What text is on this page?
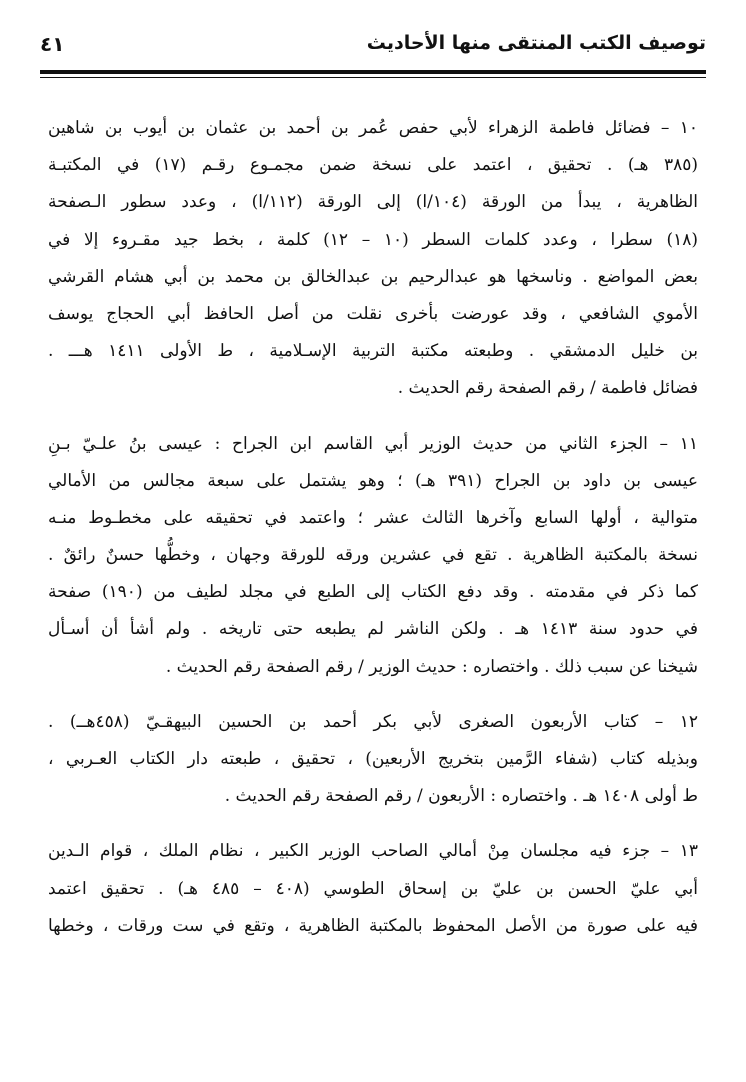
توصيف الكتب المنتقى منها الأحاديث
٤١
١٠ – فضائل فاطمة الزهراء لأبي حفص عُمر بن أحمد بن عثمان بن أيوب بن شاهين
(٣٨٥ هـ) . تحقيق ، اعتمد على نسخة ضمن مجمـوع رقـم (١٧) في المكتبـة
الظاهرية ، يبدأ من الورقة (١٠٤/ا) إلى الورقة (١١٢/ا) ، وعدد سطور الـصفحة
(١٨) سطرا ، وعدد كلمات السطر (١٠ – ١٢) كلمة ، بخط جيد مقـروء إلا في
بعض المواضع . وناسخها هو عبدالرحيم بن عبدالخالق بن محمد بن أبي هشام القرشي
الأموي الشافعي ، وقد عورضت بأخرى نقلت من أصل الحافظ أبي الحجاج يوسف
بن خليل الدمشقي . وطبعته مكتبة التربية الإسـلامية ، ط الأولى ١٤١١ هـــ .
فضائل فاطمة / رقم الصفحة رقم الحديث .
١١ – الجزء الثاني من حديث الوزير أبي القاسم ابن الجراح : عيسى بنُ علـيّ بـنِ
عيسى بن داود بن الجراح (٣٩١ هـ) ؛ وهو يشتمل على سبعة مجالس من الأمالي
متوالية ، أولها السابع وآخرها الثالث عشر ؛ واعتمد في تحقيقه على مخطـوط منـه
نسخة بالمكتبة الظاهرية . تقع في عشرين ورقه للورقة وجهان ، وخطُّها حسنٌ رائقٌ .
كما ذكر في مقدمته . وقد دفع الكتاب إلى الطبع في مجلد لطيف من (١٩٠) صفحة
في حدود سنة ١٤١٣ هـ . ولكن الناشر لم يطبعه حتى تاريخه . ولم أشأ أن أسـأل
شيخنا عن سبب ذلك . واختصاره : حديث الوزير / رقم الصفحة رقم الحديث .
١٢ – كتاب الأربعون الصغرى لأبي بكر أحمد بن الحسين البيهقـيّ (٤٥٨هــ) .
وبذيله كتاب (شفاء الرَّمين بتخريج الأربعين) ، تحقيق ، طبعته دار الكتاب العـربي ،
ط أولى ١٤٠٨ هـ . واختصاره : الأربعون / رقم الصفحة رقم الحديث .
١٣ – جزء فيه مجلسان مِنْ أمالي الصاحب الوزير الكبير ، نظام الملك ، قوام الـدين
أبي عليّ الحسن بن عليّ بن إسحاق الطوسي (٤٠٨ – ٤٨٥ هـ) . تحقيق اعتمد
فيه على صورة من الأصل المحفوظ بالمكتبة الظاهرية ، وتقع في ست ورقات ، وخطها
